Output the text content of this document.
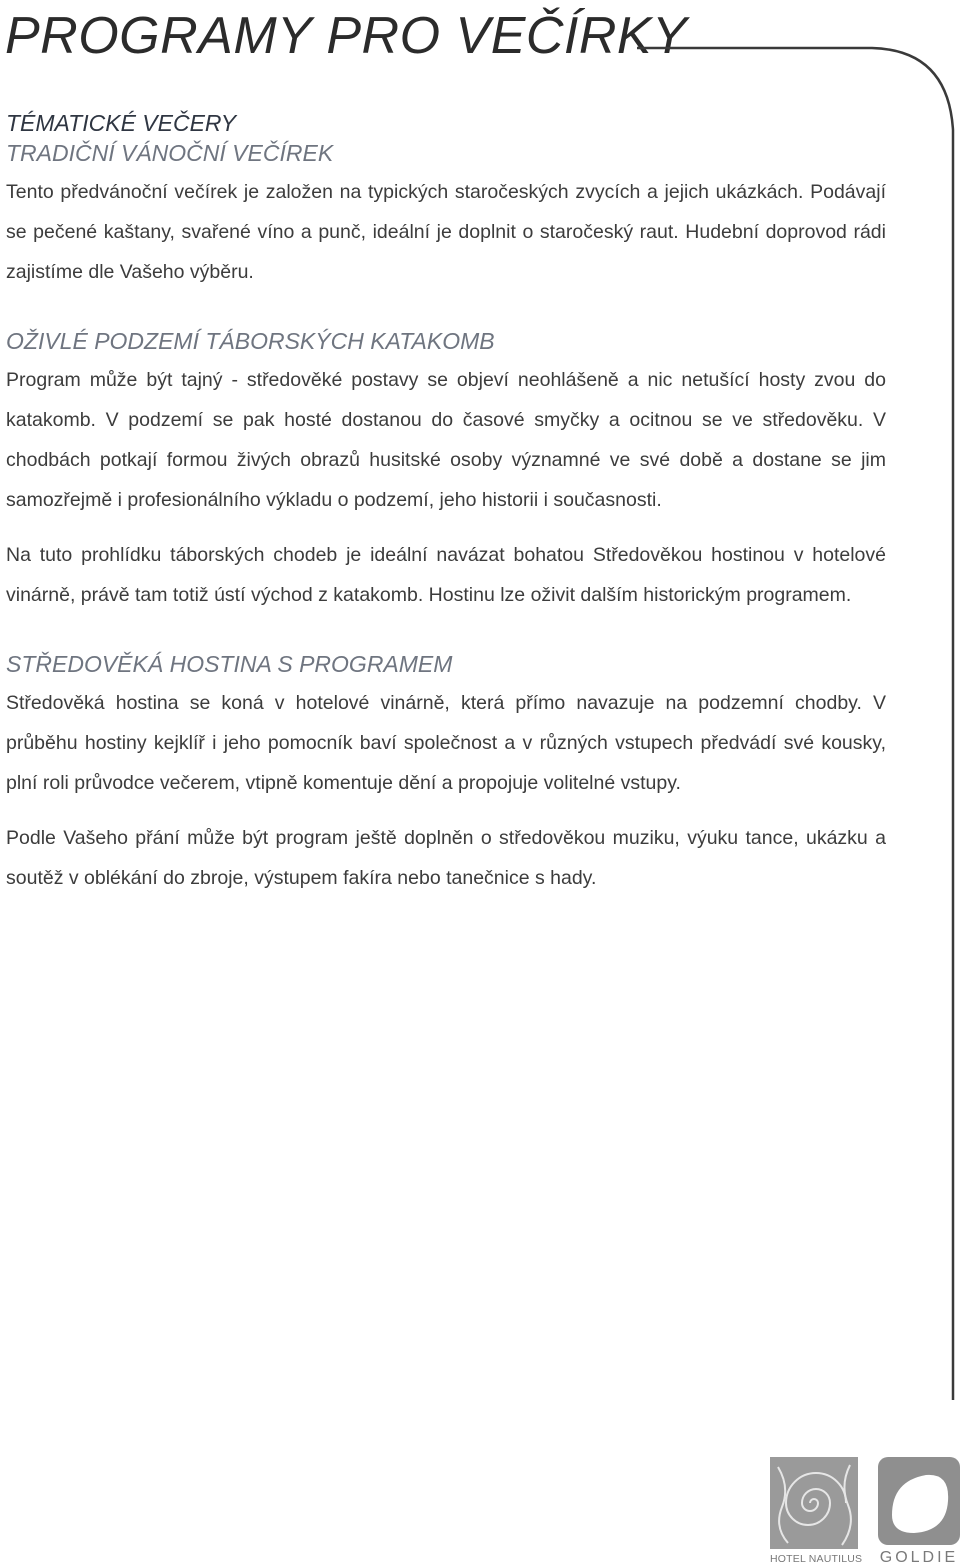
PROGRAMY PRO VEČÍRKY
TÉMATICKÉ VEČERY
TRADIČNÍ VÁNOČNÍ VEČÍREK

Tento předvánoční večírek je založen na typických staročeských zvycích a jejich ukázkách. Podávají se pečené kaštany, svařené víno a punč, ideální je doplnit o staročeský raut. Hudební doprovod rádi zajistíme dle Vašeho výběru.

OŽIVLÉ PODZEMÍ TÁBORSKÝCH KATAKOMB

Program může být tajný - středověké postavy se objeví neohlášeně a nic netušící hosty zvou do katakomb. V podzemí se pak hosté dostanou do časové smyčky a ocitnou se ve středověku. V chodbách potkají formou živých obrazů husitské osoby významné ve své době a dostane se jim samozřejmě i profesionálního výkladu o podzemí, jeho historii i současnosti.

Na tuto prohlídku táborských chodeb je ideální navázat bohatou Středověkou hostinou v hotelové vinárně, právě tam totiž ústí východ z katakomb. Hostinu lze oživit dalším historickým programem.

STŘEDOVĚKÁ HOSTINA S PROGRAMEM

Středověká hostina se koná v hotelové vinárně, která přímo navazuje na podzemní chodby. V průběhu hostiny kejklíř i jeho pomocník baví společnost a v různých vstupech předvádí své kousky, plní roli průvodce večerem, vtipně komentuje dění a propojuje volitelné vstupy.

Podle Vašeho přání může být program ještě doplněn o středověkou muziku, výuku tance, ukázku a soutěž v oblékání do zbroje, výstupem fakíra nebo tanečnice s hady.

HOTEL NAUTILUS GOLDIE
